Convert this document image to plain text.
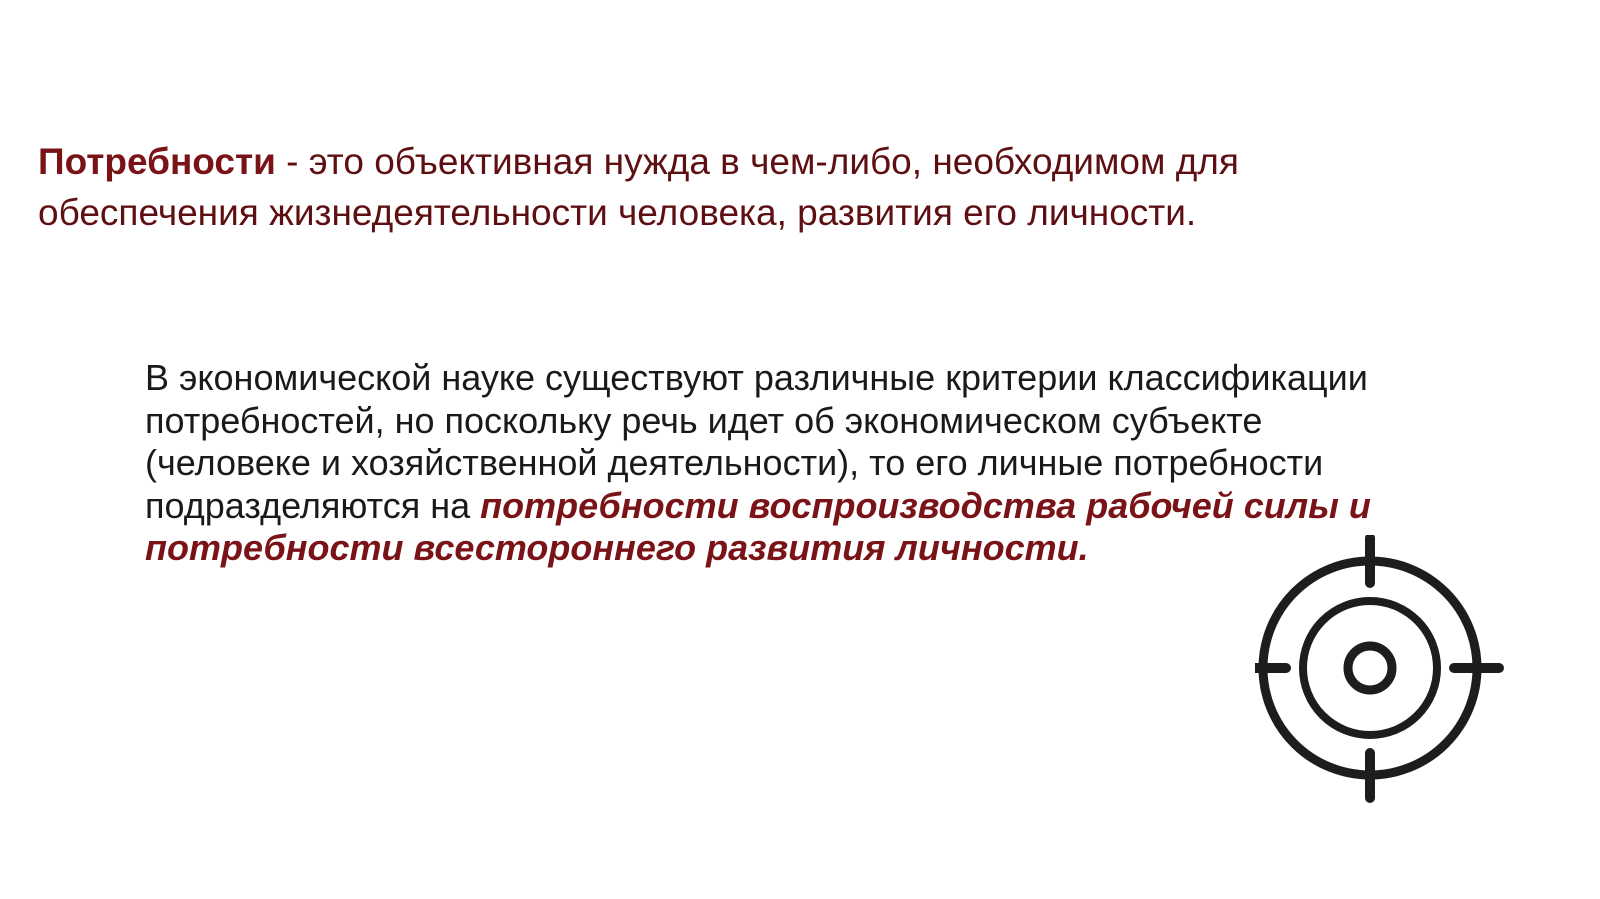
Потребности - это объективная нужда в чем-либо, необходимом для обеспечения жизнедеятельности человека, развития его личности.

В экономической науке существуют различные критерии классификации потребностей, но поскольку речь идет об экономическом субъекте (человеке и хозяйственной деятельности), то его личные потребности подразделяются на потребности воспроизводства рабочей силы и потребности всестороннего развития личности.
